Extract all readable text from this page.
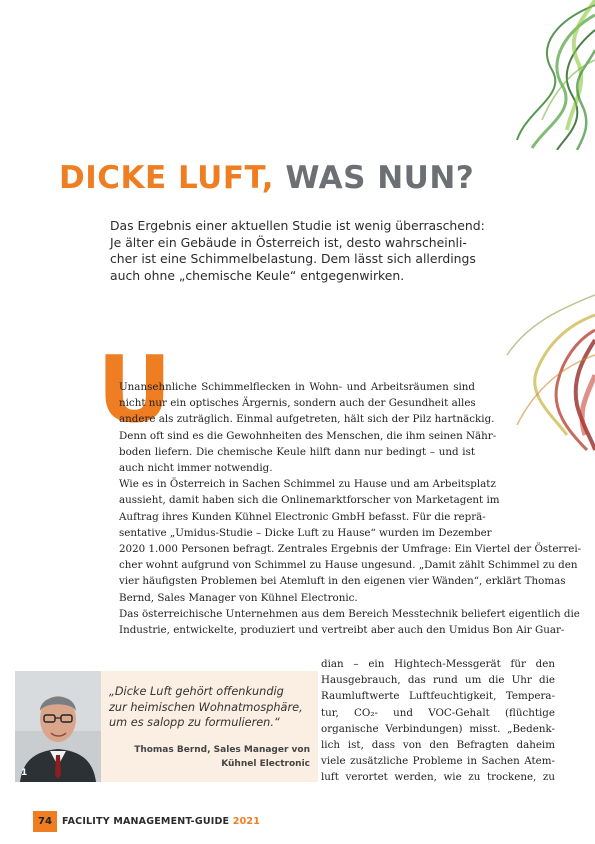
DICKE LUFT, WAS NUN?
Das Ergebnis einer aktuellen Studie ist wenig überraschend:
Je älter ein Gebäude in Österreich ist, desto wahrscheinli-
cher ist eine Schimmelbelastung. Dem lässt sich allerdings
auch ohne „chemische Keule“ entgegenwirken.
U
Unansehnliche Schimmelflecken in Wohn- und Arbeitsräumen sind
nicht nur ein optisches Ärgernis, sondern auch der Gesundheit alles
andere als zuträglich. Einmal aufgetreten, hält sich der Pilz hartnäckig.
Denn oft sind es die Gewohnheiten des Menschen, die ihm seinen Nähr-
boden liefern. Die chemische Keule hilft dann nur bedingt – und ist
auch nicht immer notwendig.
Wie es in Österreich in Sachen Schimmel zu Hause und am Arbeitsplatz
aussieht, damit haben sich die Onlinemarktforscher von Marketagent im
Auftrag ihres Kunden Kühnel Electronic GmbH befasst. Für die reprä-
sentative „Umidus-Studie – Dicke Luft zu Hause“ wurden im Dezember
2020 1.000 Personen befragt. Zentrales Ergebnis der Umfrage: Ein Viertel der Österrei-
cher wohnt aufgrund von Schimmel zu Hause ungesund. „Damit zählt Schimmel zu den
vier häufigsten Problemen bei Atemluft in den eigenen vier Wänden“, erklärt Thomas
Bernd, Sales Manager von Kühnel Electronic.
Das österreichische Unternehmen aus dem Bereich Messtechnik beliefert eigentlich die
Industrie, entwickelte, produziert und vertreibt aber auch den Umidus Bon Air Guar-
dian – ein Hightech-Messgerät für den
Hausgebrauch, das rund um die Uhr die
Raumluftwerte Luftfeuchtigkeit, Tempera-
tur, CO₂- und VOC-Gehalt (flüchtige
organische Verbindungen) misst. „Bedenk-
lich ist, dass von den Befragten daheim
viele zusätzliche Probleme in Sachen Atem-
luft verortet werden, wie zu trockene, zu
1
„Dicke Luft gehört offenkundig
zur heimischen Wohnatmosphäre,
um es salopp zu formulieren.“
Thomas Bernd, Sales Manager von
Kühnel Electronic
74	FACILITY MANAGEMENT-GUIDE 2021
